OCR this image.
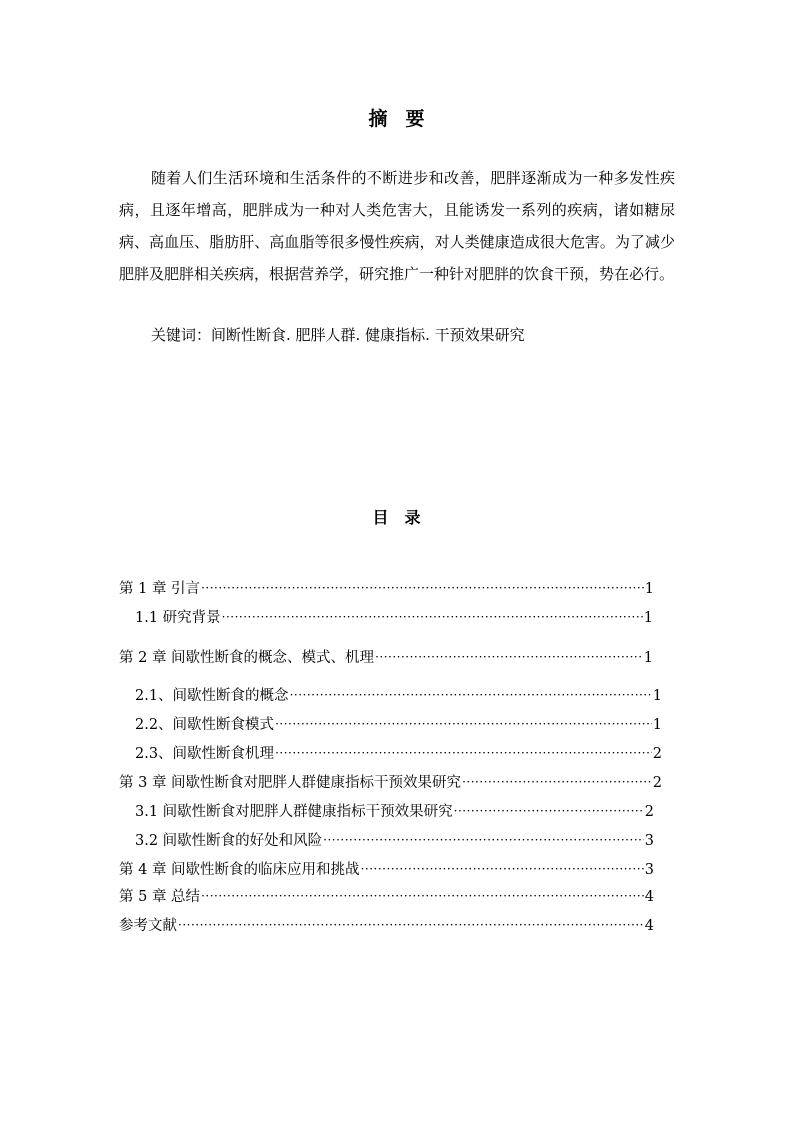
摘要
随着人们生活环境和生活条件的不断进步和改善，肥胖逐渐成为一种多发性疾病，且逐年增高，肥胖成为一种对人类危害大，且能诱发一系列的疾病，诸如糖尿病、高血压、脂肪肝、高血脂等很多慢性疾病，对人类健康造成很大危害。为了减少肥胖及肥胖相关疾病，根据营养学，研究推广一种针对肥胖的饮食干预，势在必行。
关键词：间断性断食. 肥胖人群. 健康指标. 干预效果研究
目录
第 1 章 引言 ·····	1
1.1 研究背景 ·····	1
第 2 章 间歇性断食的概念、模式、机理 ·····	1
2.1、间歇性断食的概念 ·····	1
2.2、间歇性断食模式 ·····	1
2.3、间歇性断食机理 ·····	2
第 3 章 间歇性断食对肥胖人群健康指标干预效果研究 ·····	2
3.1 间歇性断食对肥胖人群健康指标干预效果研究 ·····	2
3.2 间歇性断食的好处和风险 ·····	3
第 4 章 间歇性断食的临床应用和挑战 ·····	3
第 5 章 总结 ·····	4
参考文献 ·····	4
